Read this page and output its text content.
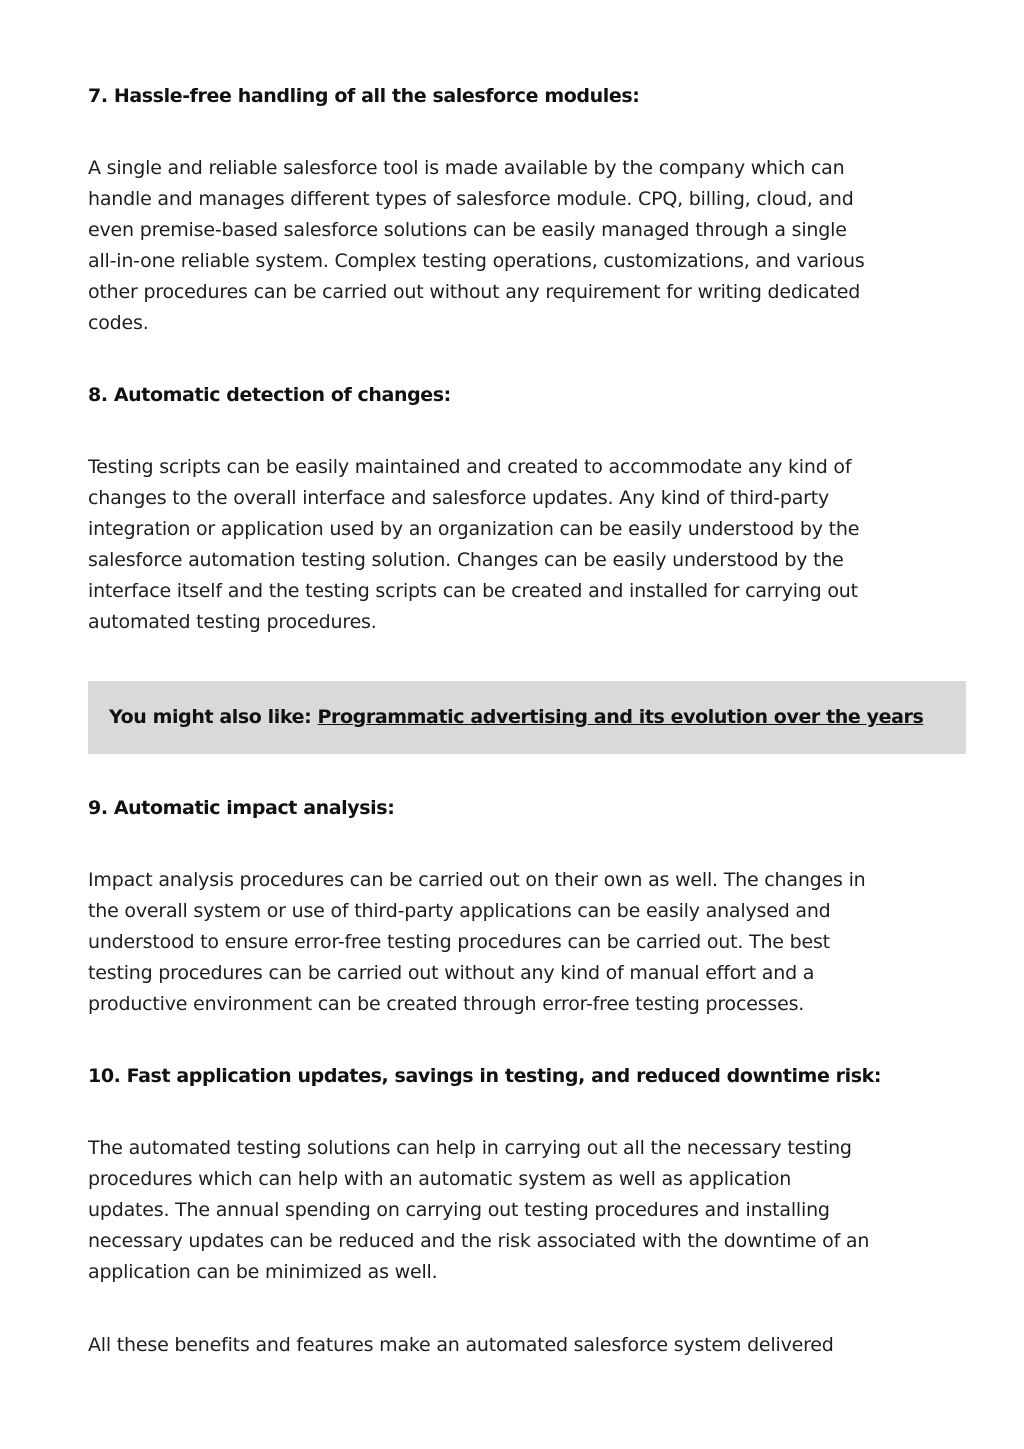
7. Hassle-free handling of all the salesforce modules:
A single and reliable salesforce tool is made available by the company which can
handle and manages different types of salesforce module. CPQ, billing, cloud, and
even premise-based salesforce solutions can be easily managed through a single
all-in-one reliable system. Complex testing operations, customizations, and various
other procedures can be carried out without any requirement for writing dedicated
codes.
8. Automatic detection of changes:
Testing scripts can be easily maintained and created to accommodate any kind of
changes to the overall interface and salesforce updates. Any kind of third-party
integration or application used by an organization can be easily understood by the
salesforce automation testing solution. Changes can be easily understood by the
interface itself and the testing scripts can be created and installed for carrying out
automated testing procedures.
You might also like: Programmatic advertising and its evolution over the years
9. Automatic impact analysis:
Impact analysis procedures can be carried out on their own as well. The changes in
the overall system or use of third-party applications can be easily analysed and
understood to ensure error-free testing procedures can be carried out. The best
testing procedures can be carried out without any kind of manual effort and a
productive environment can be created through error-free testing processes.
10. Fast application updates, savings in testing, and reduced downtime risk:
The automated testing solutions can help in carrying out all the necessary testing
procedures which can help with an automatic system as well as application
updates. The annual spending on carrying out testing procedures and installing
necessary updates can be reduced and the risk associated with the downtime of an
application can be minimized as well.
All these benefits and features make an automated salesforce system delivered
